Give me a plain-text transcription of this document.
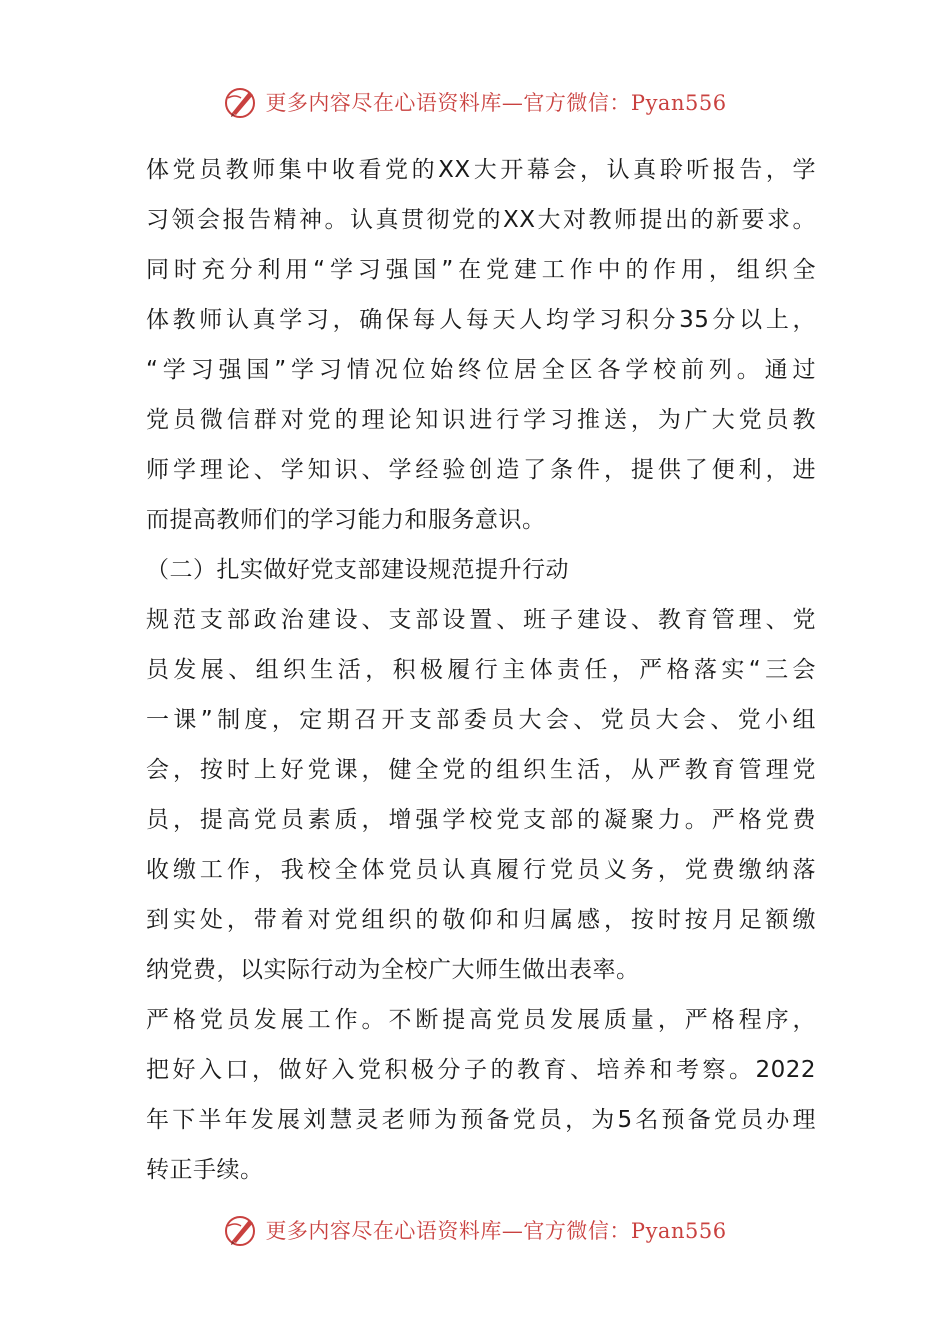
更多内容尽在心语资料库—官方微信：Pyan556
体党员教师集中收看党的XX大开幕会，认真聆听报告，学
习领会报告精神。认真贯彻党的XX大对教师提出的新要求。
同时充分利用“学习强国”在党建工作中的作用，组织全
体教师认真学习，确保每人每天人均学习积分35分以上，
“学习强国”学习情况位始终位居全区各学校前列。通过
党员微信群对党的理论知识进行学习推送，为广大党员教
师学理论、学知识、学经验创造了条件，提供了便利，进
而提高教师们的学习能力和服务意识。
（二）扎实做好党支部建设规范提升行动
规范支部政治建设、支部设置、班子建设、教育管理、党
员发展、组织生活，积极履行主体责任，严格落实“三会
一课”制度，定期召开支部委员大会、党员大会、党小组
会，按时上好党课，健全党的组织生活，从严教育管理党
员，提高党员素质，增强学校党支部的凝聚力。严格党费
收缴工作，我校全体党员认真履行党员义务，党费缴纳落
到实处，带着对党组织的敬仰和归属感，按时按月足额缴
纳党费，以实际行动为全校广大师生做出表率。
严格党员发展工作。不断提高党员发展质量，严格程序，
把好入口，做好入党积极分子的教育、培养和考察。2022
年下半年发展刘慧灵老师为预备党员，为5名预备党员办理
转正手续。
更多内容尽在心语资料库—官方微信：Pyan556
